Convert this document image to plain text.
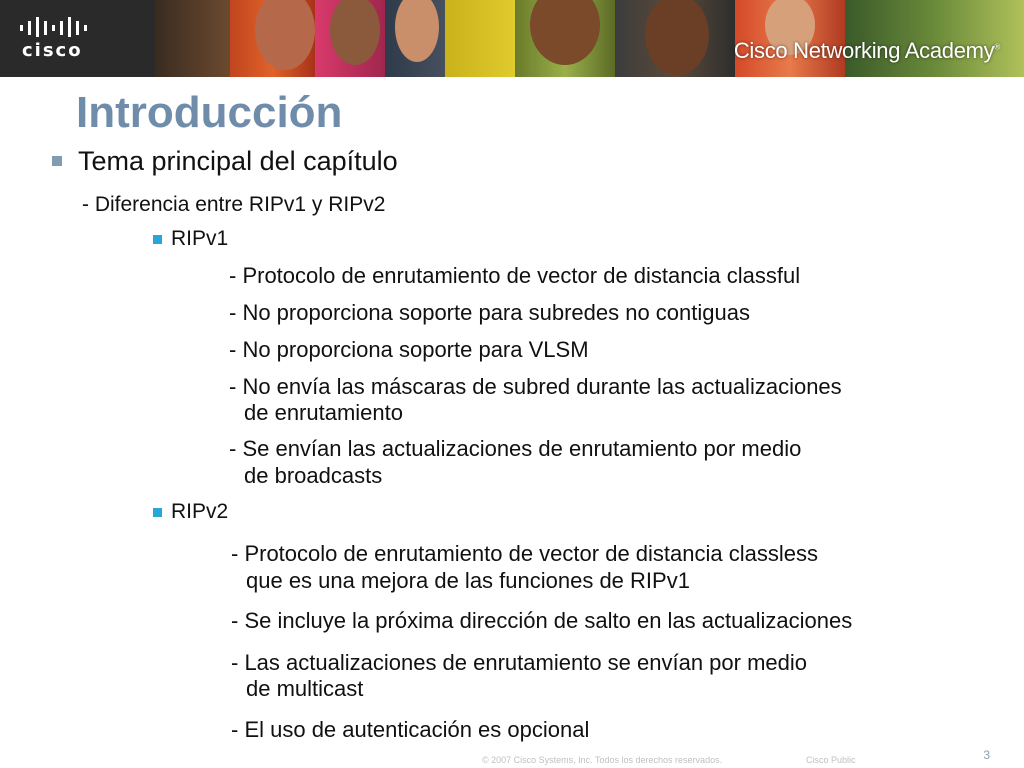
cisco	Cisco Networking Academy®
Introducción
Tema principal del capítulo
- Diferencia entre RIPv1 y RIPv2
RIPv1
- Protocolo de enrutamiento de vector de distancia classful
- No proporciona soporte para subredes no contiguas
- No proporciona soporte para VLSM
- No envía las máscaras de subred durante las actualizaciones
de enrutamiento
- Se envían las actualizaciones de enrutamiento por medio
de broadcasts
RIPv2
- Protocolo de enrutamiento de vector de distancia classless
que es una mejora de las funciones de RIPv1
- Se incluye la próxima dirección de salto en las actualizaciones
- Las actualizaciones de enrutamiento se envían por medio
de multicast
- El uso de autenticación es opcional
© 2007 Cisco Systems, Inc. Todos los derechos reservados.	Cisco Public	3
